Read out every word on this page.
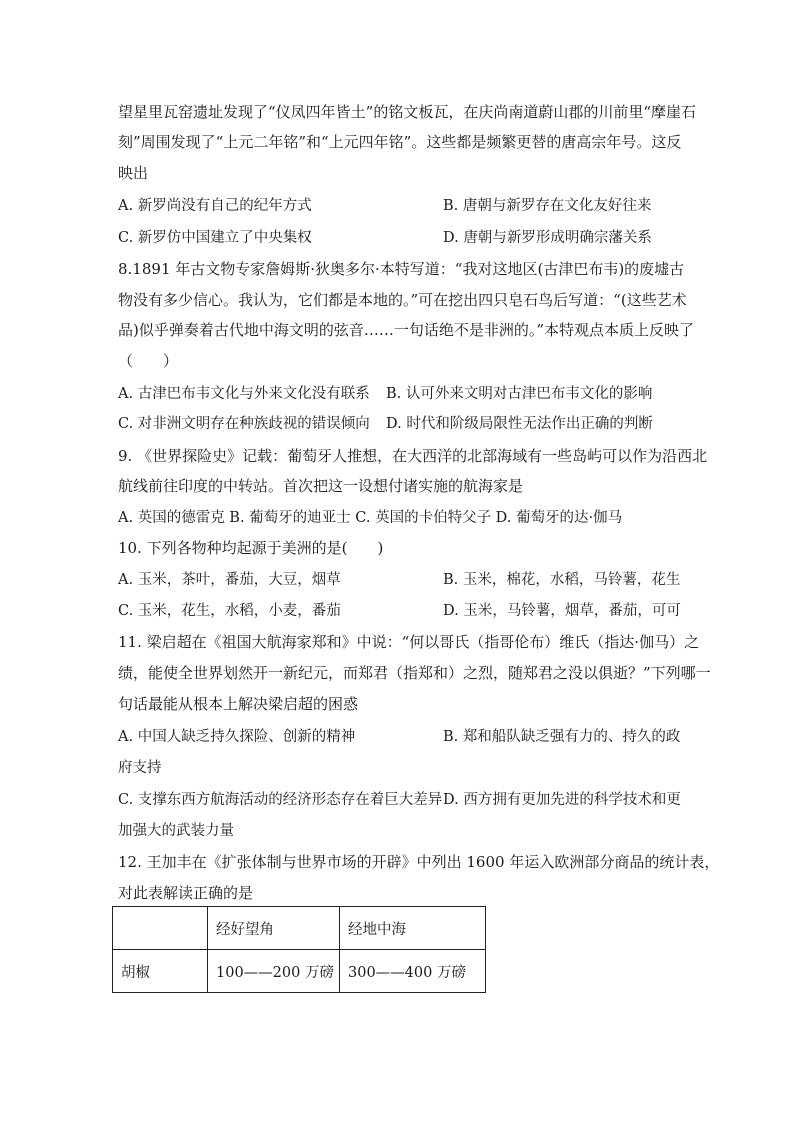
望星里瓦窑遗址发现了“仪凤四年皆土”的铭文板瓦，在庆尚南道蔚山郡的川前里“摩崖石
刻”周围发现了“上元二年铭”和“上元四年铭”。这些都是频繁更替的唐高宗年号。这反
映出
A. 新罗尚没有自己的纪年方式	B. 唐朝与新罗存在文化友好往来
C. 新罗仿中国建立了中央集权	D. 唐朝与新罗形成明确宗藩关系
8.1891 年古文物专家詹姆斯·狄奥多尔·本特写道：“我对这地区(古津巴布韦)的废墟古
物没有多少信心。我认为，它们都是本地的。”可在挖出四只皂石鸟后写道：“(这些艺术
品)似乎弹奏着古代地中海文明的弦音……一句话绝不是非洲的。”本特观点本质上反映了
（　　）
A. 古津巴布韦文化与外来文化没有联系 B. 认可外来文明对古津巴布韦文化的影响
C. 对非洲文明存在种族歧视的错误倾向 D. 时代和阶级局限性无法作出正确的判断
9. 《世界探险史》记载：葡萄牙人推想，在大西洋的北部海域有一些岛屿可以作为沿西北
航线前往印度的中转站。首次把这一设想付诸实施的航海家是
A. 英国的德雷克 B. 葡萄牙的迪亚士 C. 英国的卡伯特父子 D. 葡萄牙的达·伽马
10. 下列各物种均起源于美洲的是(　　)
A. 玉米，茶叶，番茄，大豆，烟草	B. 玉米，棉花，水稻，马铃薯，花生
C. 玉米，花生，水稻，小麦，番茄	D. 玉米，马铃薯，烟草，番茄，可可
11. 梁启超在《祖国大航海家郑和》中说：“何以哥氏（指哥伦布）维氏（指达·伽马）之
绩，能使全世界划然开一新纪元，而郑君（指郑和）之烈，随郑君之没以俱逝？”下列哪一
句话最能从根本上解决梁启超的困惑
A. 中国人缺乏持久探险、创新的精神	B. 郑和船队缺乏强有力的、持久的政
府支持
C. 支撑东西方航海活动的经济形态存在着巨大差异 D. 西方拥有更加先进的科学技术和更
加强大的武装力量
12. 王加丰在《扩张体制与世界市场的开辟》中列出 1600 年运入欧洲部分商品的统计表，
对此表解读正确的是
	经好望角	经地中海
胡椒	100——200 万磅	300——400 万磅
